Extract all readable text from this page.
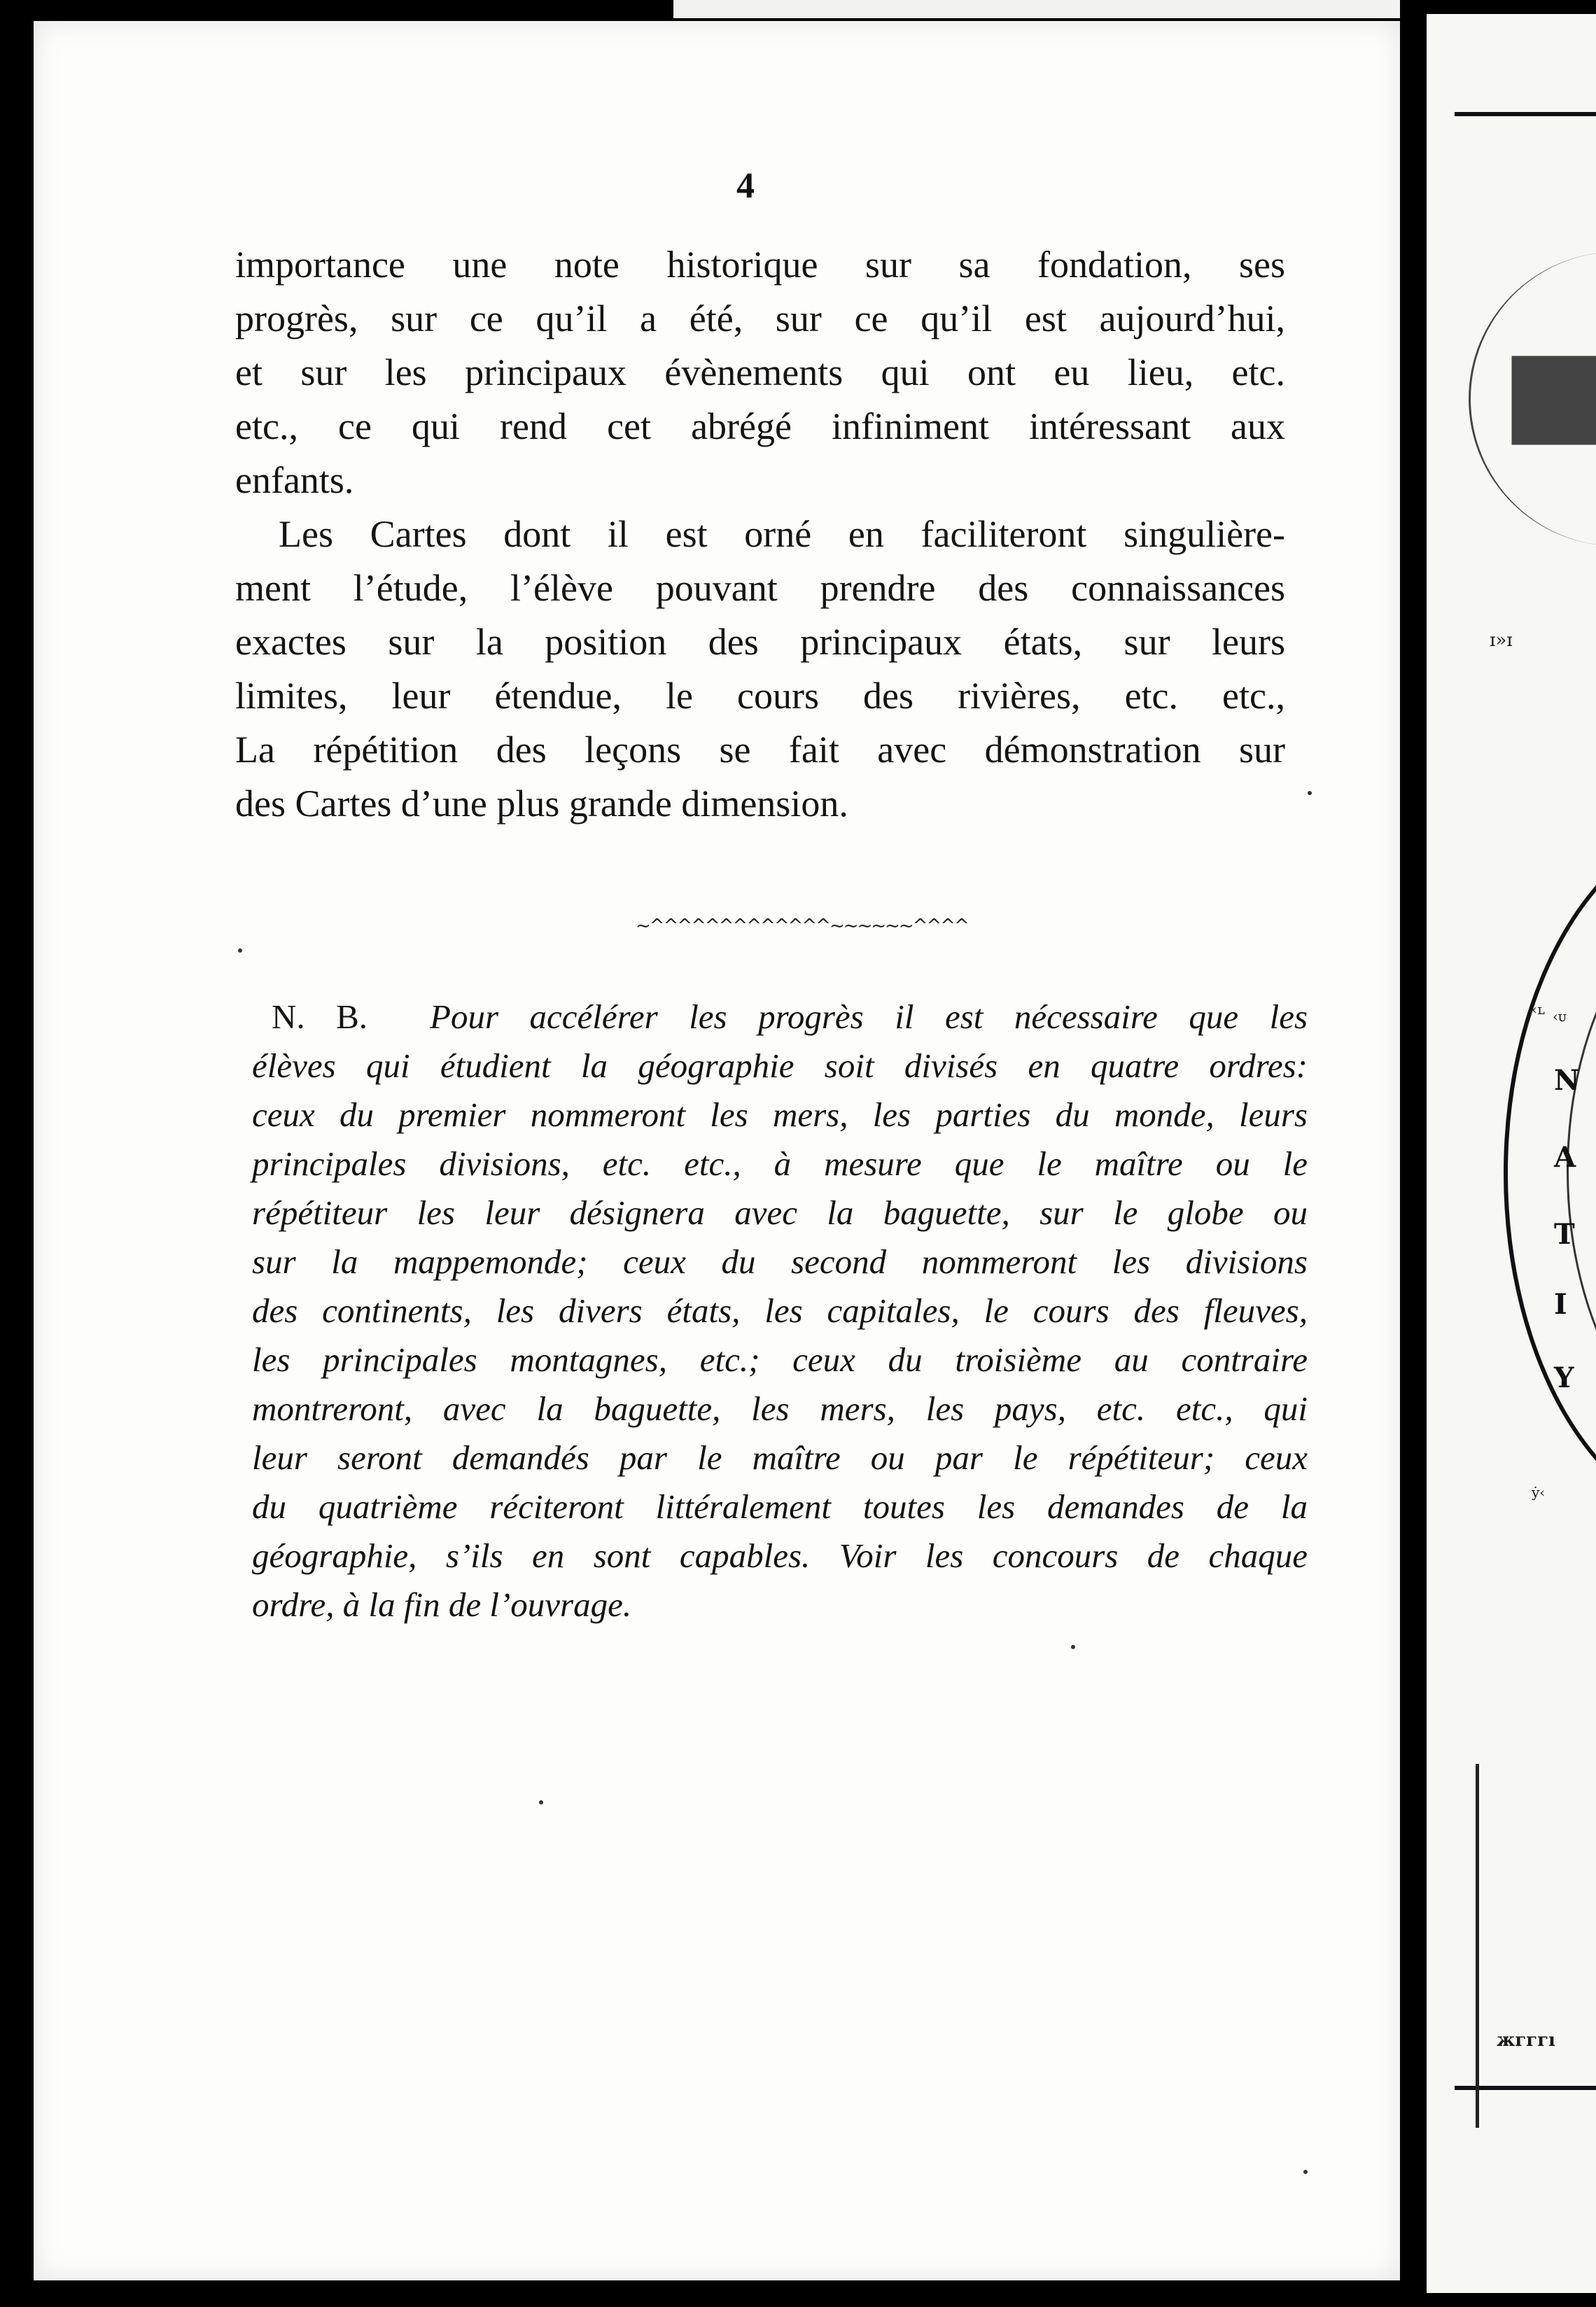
‹ʟ ‹ᴜ
N
A
T
I
Y
ẏ‹
жгггı
ɪ»ɪ
4

importance une note historique sur sa fondation, ses
progrès, sur ce qu’il a été, sur ce qu’il est aujourd’hui,
et sur les principaux évènements qui ont eu lieu, etc.
etc., ce qui rend cet abrégé infiniment intéressant aux
enfants.

Les Cartes dont il est orné en faciliteront singulière-
ment l’étude, l’élève pouvant prendre des connaissances
exactes sur la position des principaux états, sur leurs
limites, leur étendue, le cours des rivières, etc. etc.,
La répétition des leçons se fait avec démonstration sur
des Cartes d’une plus grande dimension.

~^^^^^^^^^^^^^~~~~~~^^^^
N. B. Pour accélérer les progrès il est nécessaire que les
élèves qui étudient la géographie soit divisés en quatre ordres:
ceux du premier nommeront les mers, les parties du monde, leurs
principales divisions, etc. etc., à mesure que le maître ou le
répétiteur les leur désignera avec la baguette, sur le globe ou
sur la mappemonde; ceux du second nommeront les divisions
des continents, les divers états, les capitales, le cours des fleuves,
les principales montagnes, etc.; ceux du troisième au contraire
montreront, avec la baguette, les mers, les pays, etc. etc., qui
leur seront demandés par le maître ou par le répétiteur; ceux
du quatrième réciteront littéralement toutes les demandes de la
géographie, s’ils en sont capables. Voir les concours de chaque
ordre, à la fin de l’ouvrage.
